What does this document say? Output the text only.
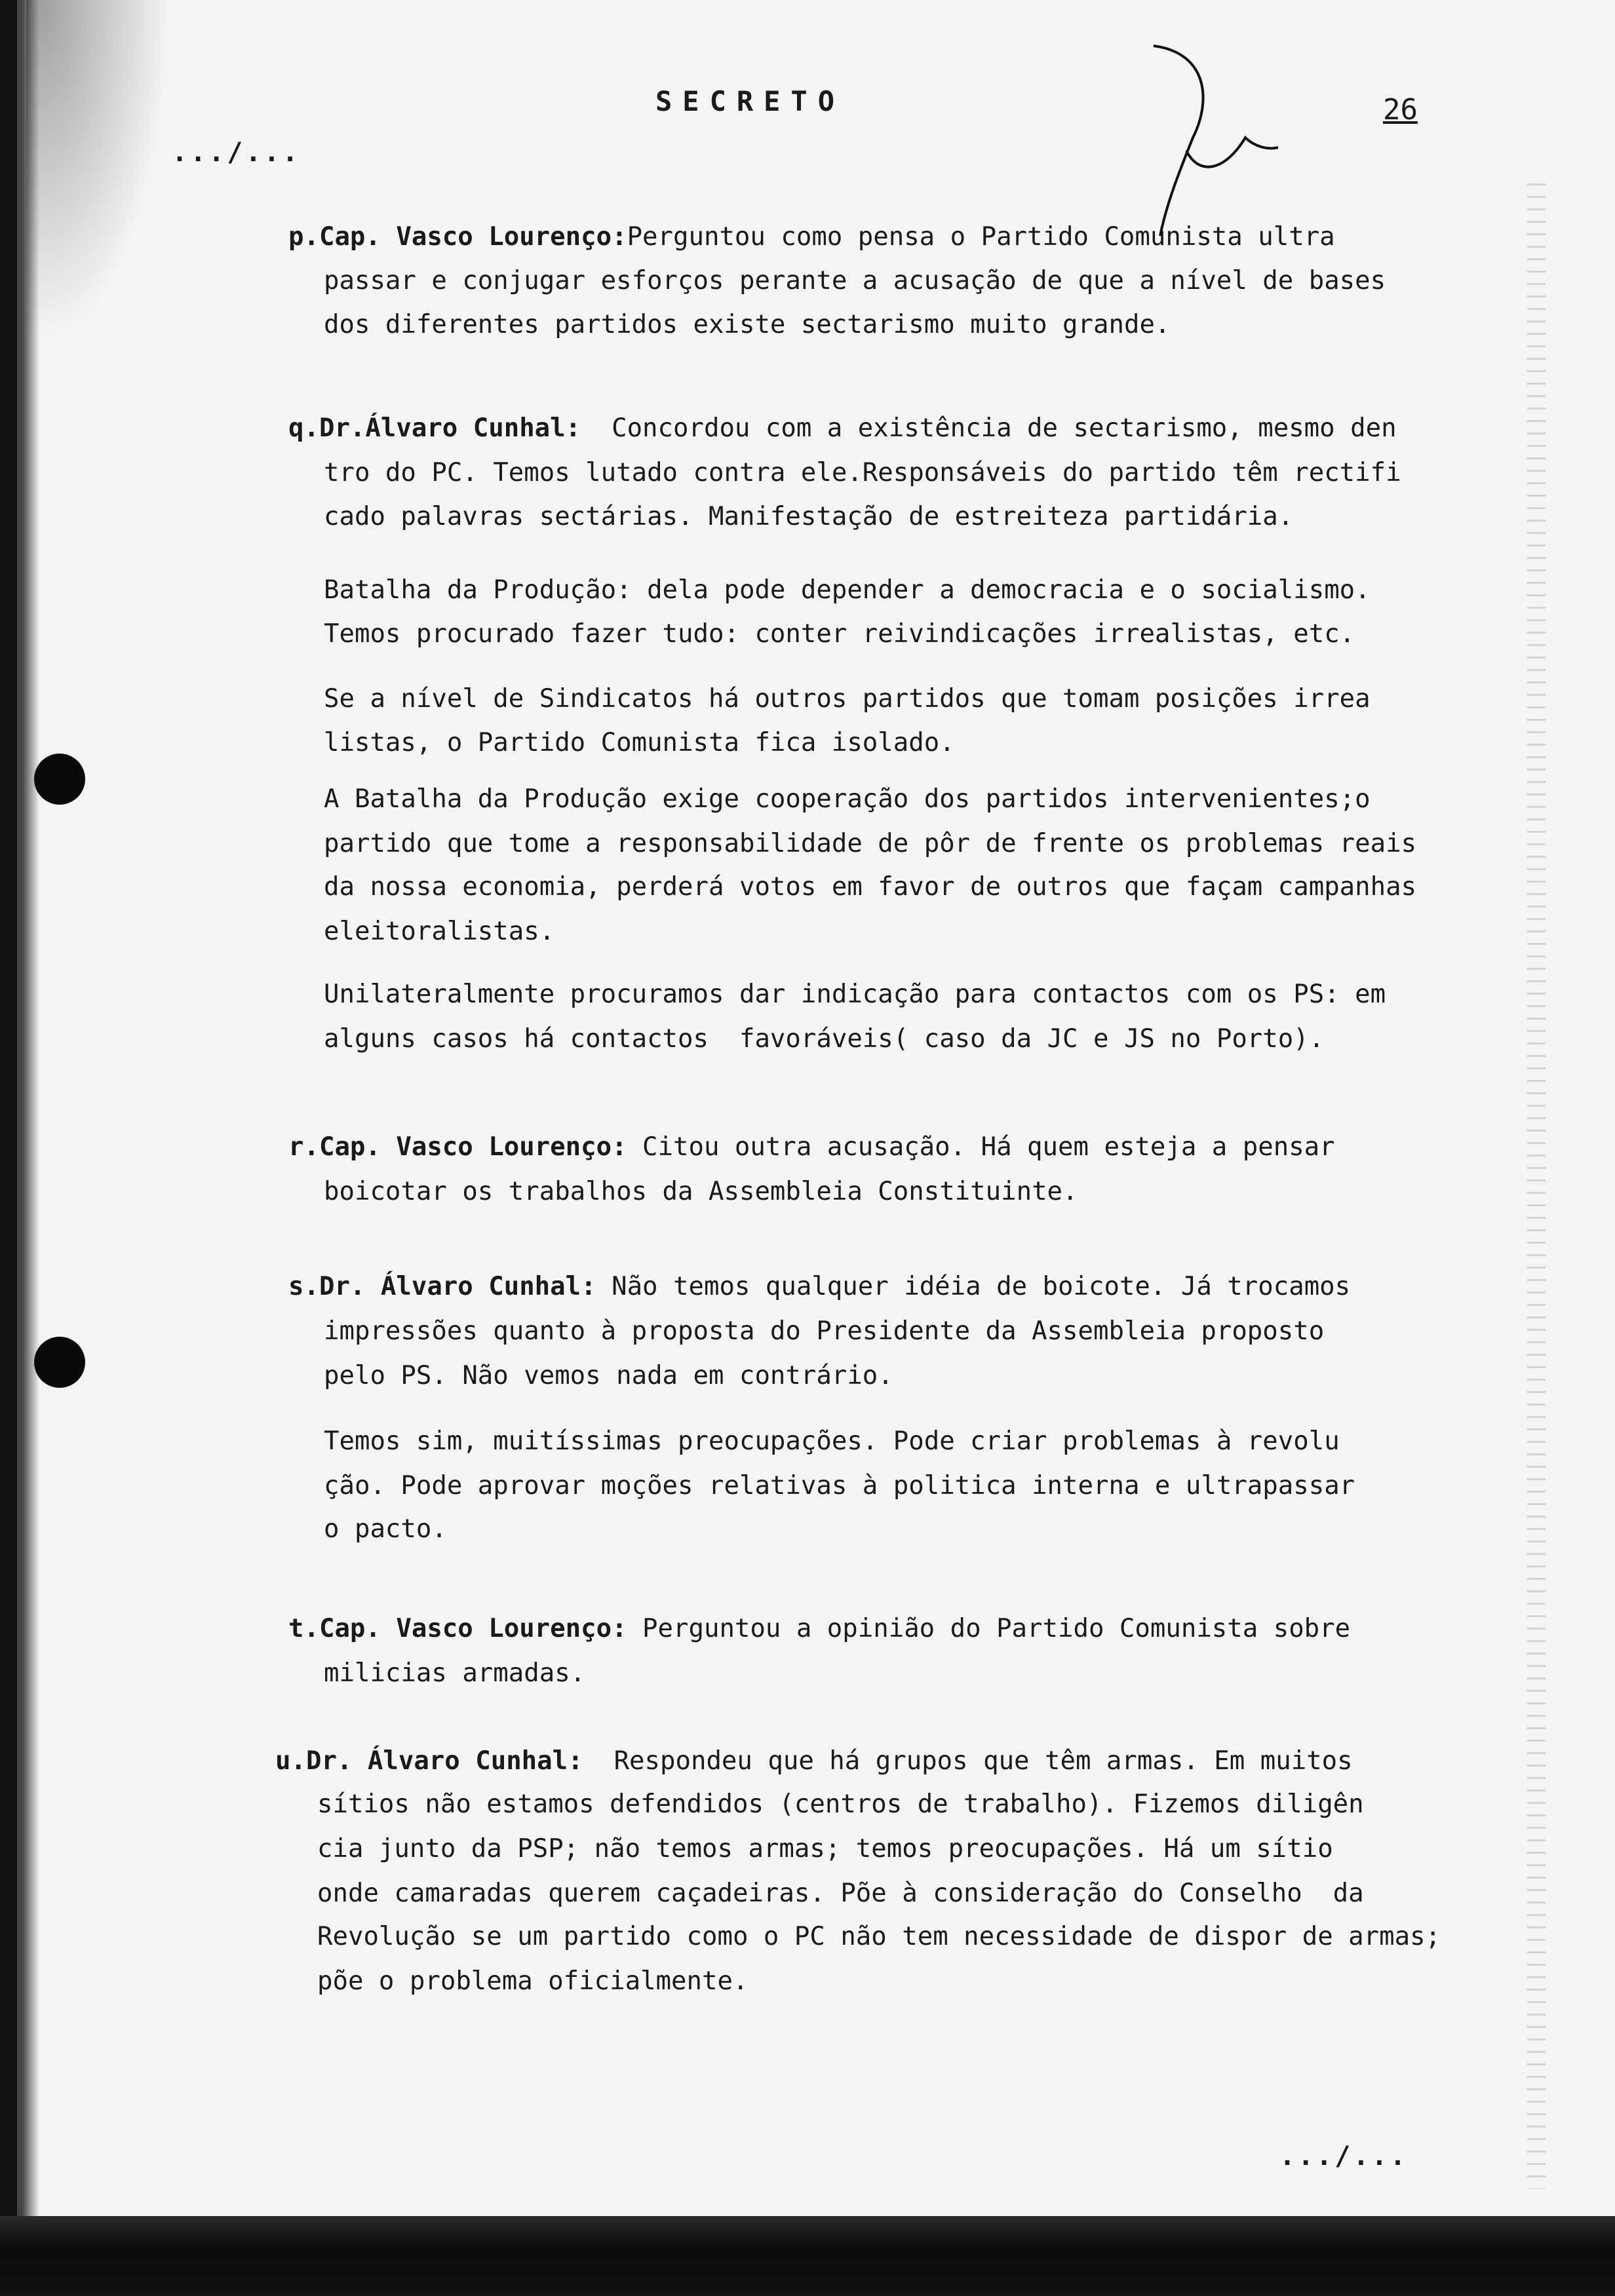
SECRETO	26
.../...
.../...
p.Cap. Vasco Lourenço:Perguntou como pensa o Partido Comunista ultra
passar e conjugar esforços perante a acusação de que a nível de bases
dos diferentes partidos existe sectarismo muito grande.
q.Dr.Álvaro Cunhal:  Concordou com a existência de sectarismo, mesmo den
tro do PC. Temos lutado contra ele.Responsáveis do partido têm rectifi
cado palavras sectárias. Manifestação de estreiteza partidária.
Batalha da Produção: dela pode depender a democracia e o socialismo.
Temos procurado fazer tudo: conter reivindicações irrealistas, etc.
Se a nível de Sindicatos há outros partidos que tomam posições irrea
listas, o Partido Comunista fica isolado.
A Batalha da Produção exige cooperação dos partidos intervenientes;o
partido que tome a responsabilidade de pôr de frente os problemas reais
da nossa economia, perderá votos em favor de outros que façam campanhas
eleitoralistas.
Unilateralmente procuramos dar indicação para contactos com os PS: em
alguns casos há contactos  favoráveis( caso da JC e JS no Porto).
r.Cap. Vasco Lourenço: Citou outra acusação. Há quem esteja a pensar
boicotar os trabalhos da Assembleia Constituinte.
s.Dr. Álvaro Cunhal: Não temos qualquer idéia de boicote. Já trocamos
impressões quanto à proposta do Presidente da Assembleia proposto
pelo PS. Não vemos nada em contrário.
Temos sim, muitíssimas preocupações. Pode criar problemas à revolu
ção. Pode aprovar moções relativas à politica interna e ultrapassar
o pacto.
t.Cap. Vasco Lourenço: Perguntou a opinião do Partido Comunista sobre
milicias armadas.
u.Dr. Álvaro Cunhal:  Respondeu que há grupos que têm armas. Em muitos
sítios não estamos defendidos (centros de trabalho). Fizemos diligên
cia junto da PSP; não temos armas; temos preocupações. Há um sítio
onde camaradas querem caçadeiras. Põe à consideração do Conselho  da
Revolução se um partido como o PC não tem necessidade de dispor de armas;
põe o problema oficialmente.
